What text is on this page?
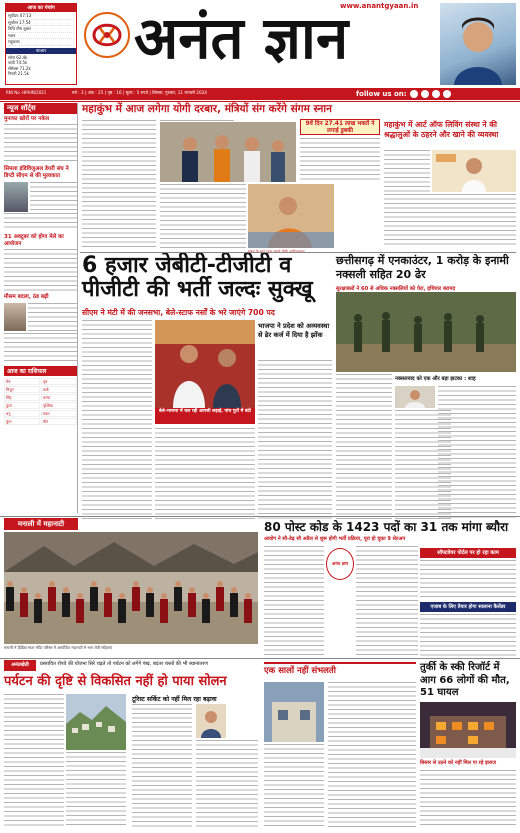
आज का पंचांग
सूर्योदय 07:13
सूर्यास्त 17:54
तिथि पौष शुक्ल
नक्षत्र
राहुकाल
बाजार
सोना 62.4k
चांदी 74.5k
सेंसेक्स 71.2k
निफ्टी 21.5k
अनंत ज्ञान
www.anantgyaan.in
RNI No. HPHIN/2021	वर्ष : 3 | अंक : 25 | पृष्ठ : 16 | मूल्य : 5 रुपये | शिमला, गुरुवार, 11 जनवरी 2024	follow us on:
न्यूज शॉर्ट्स
मुनाफा खोरों पर नकेल
सिमला इंडिविजुअल डेयरी संघ ने डिप्टी सीएम से की मुलाकात
31 अक्टूबर को होगा मेले का आयोजन
मौसम बदला, ठंड बढ़ी
आज का राशिफल
मेष	वृष
मिथुन	कर्क
सिंह	कन्या
तुला	वृश्चिक
धनु	मकर
कुंभ	मीन
महाकुंभ में आज लगेगा योगी दरबार, मंत्रियों संग करेंगे संगम स्नान
9वें दिन 27.41 लाख भक्तों ने लगाई डुबकी
महाकुंभ में आर्ट ऑफ लिविंग संस्था ने की श्रद्धालुओं के ठहरने और खाने की व्यवस्था
6 हजार जेबीटी-टीजीटी व पीजीटी की भर्ती जल्दः सुक्खू
सीएम ने मंटी में की जनसभा, बेले-स्टाफ नर्सों के भरे जाएंगे 700 पद
बेले-भाजपा में चल रही आपसी लड़ाई, पांच गुटों में बंटी
भाजपा ने प्रदेश को अव्यवस्था से ढेर कर्ज में दिया है झोंक
छत्तीसगढ़ में एनकाउंटर, 1 करोड़ के इनामी नक्सली सहित 20 ढेर
सुरक्षाबलों ने 60 से अधिक नक्सलियों को घेरा, हथियार बरामद
नक्सलवाद को एक और बड़ा झटका : शाह
मनाली में महानाटी
मनाली में हिडिंबा माता मंदिर परिसर में आयोजित महानाटी में भाग लेती महिलाएं
80 पोस्ट कोड के 1423 पदों का 31 तक मांगा ब्यौरा
आयोग ने सौ-डेढ़ सौ अप्रैल से शुरू होगी भर्ती प्रक्रिया, पूरा हो चुका 9 सेटअप
अनंत ज्ञान
सॉफ्टवेयर पोर्टल पर हो रहा काम
एजाब के लिए तैयार होगा सालाना कैलेंडर
अनंतखेती	प्रस्तावित रोपवे की योजना सिरे चढ़ते तो पर्यटन को लगेंगे पंख, बदतर रास्तों की भी स्थानांतरण
पर्यटन की दृष्टि से विकसित नहीं हो पाया सोलन
टूरिस्ट सर्किट को नहीं मिल रहा बढ़ावा
एक सालों नहीं संभलती	तुर्की के स्की रिजॉर्ट में आग 66 लोगों की मौत, 51 घायल
बिस्तर से उठने को नहीं मिल पा रहे इलाज
